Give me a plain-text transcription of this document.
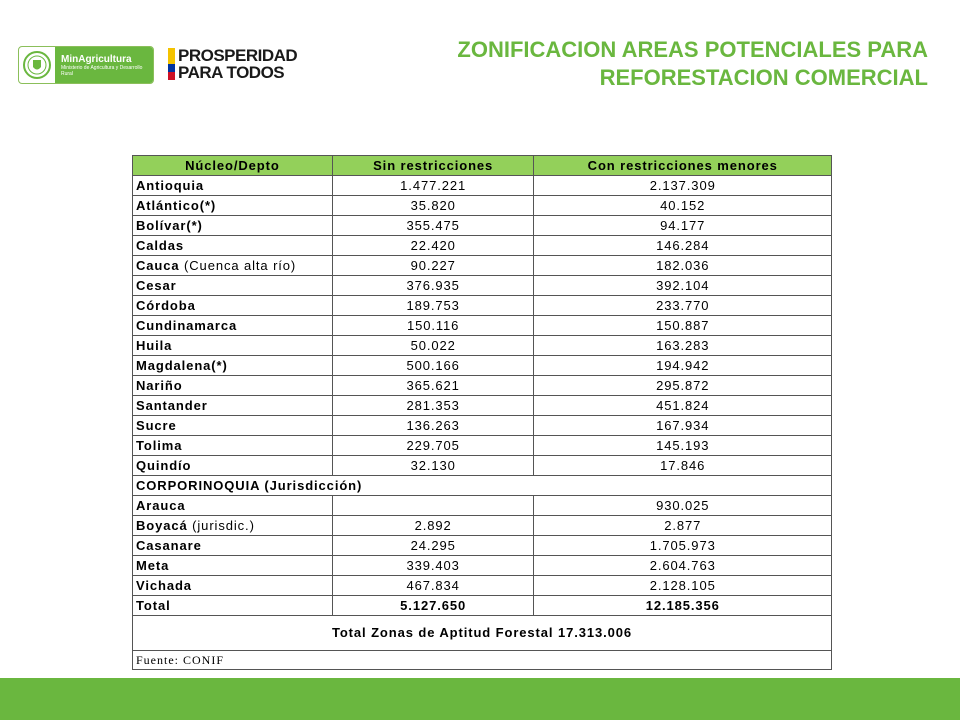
MinAgricultura
Ministerio de Agricultura y Desarrollo Rural
PROSPERIDAD
PARA TODOS
ZONIFICACION AREAS POTENCIALES PARA
REFORESTACION COMERCIAL
Núcleo/Depto	Sin restricciones	Con restricciones menores
Antioquia	1.477.221	2.137.309
Atlántico(*)	35.820	40.152
Bolívar(*)	355.475	94.177
Caldas	22.420	146.284
Cauca (Cuenca alta río)	90.227	182.036
Cesar	376.935	392.104
Córdoba	189.753	233.770
Cundinamarca	150.116	150.887
Huila	50.022	163.283
Magdalena(*)	500.166	194.942
Nariño	365.621	295.872
Santander	281.353	451.824
Sucre	136.263	167.934
Tolima	229.705	145.193
Quindío	32.130	17.846
CORPORINOQUIA (Jurisdicción)		
Arauca		930.025
Boyacá (jurisdic.)	2.892	2.877
Casanare	24.295	1.705.973
Meta	339.403	2.604.763
Vichada	467.834	2.128.105
Total	5.127.650	12.185.356
Total Zonas de Aptitud Forestal 17.313.006		
Fuente: CONIF		
